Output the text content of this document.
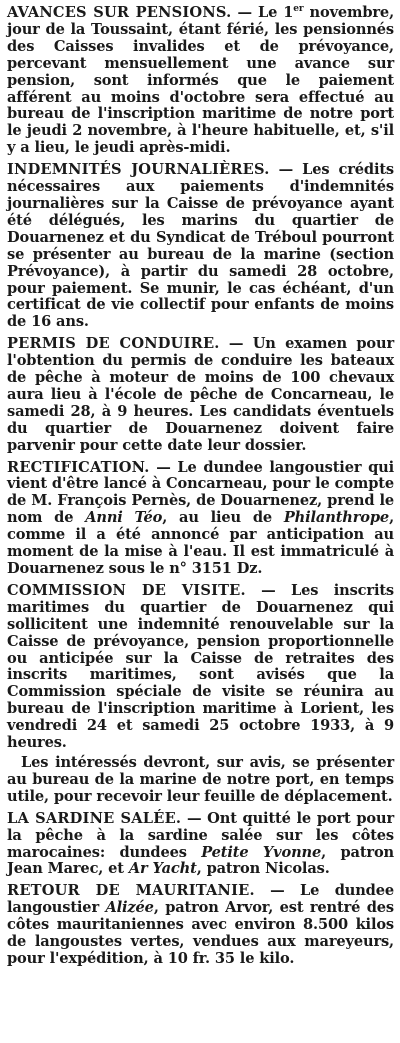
AVANCES SUR PENSIONS. — Le 1er novembre, jour de la Toussaint, étant férié, les pensionnés des Caisses invalides et de prévoyance, percevant mensuellement une avance sur pension, sont informés que le paiement afférent au moins d'octobre sera effectué au bureau de l'inscription maritime de notre port le jeudi 2 novembre, à l'heure habituelle, et, s'il y a lieu, le jeudi après-midi.

INDEMNITÉS JOURNALIÈRES. — Les crédits nécessaires aux paiements d'indemnités journalières sur la Caisse de prévoyance ayant été délégués, les marins du quartier de Douarnenez et du Syndicat de Tréboul pourront se présenter au bureau de la marine (section Prévoyance), à partir du samedi 28 octobre, pour paiement. Se munir, le cas échéant, d'un certificat de vie collectif pour enfants de moins de 16 ans.

PERMIS DE CONDUIRE. — Un examen pour l'obtention du permis de conduire les bateaux de pêche à moteur de moins de 100 chevaux aura lieu à l'école de pêche de Concarneau, le samedi 28, à 9 heures. Les candidats éventuels du quartier de Douarnenez doivent faire parvenir pour cette date leur dossier.

RECTIFICATION. — Le dundee langoustier qui vient d'être lancé à Concarneau, pour le compte de M. François Pernès, de Douarnenez, prend le nom de Anni Téo, au lieu de Philanthrope, comme il a été annoncé par anticipation au moment de la mise à l'eau. Il est immatriculé à Douarnenez sous le n° 3151 Dz.

COMMISSION DE VISITE. — Les inscrits maritimes du quartier de Douarnenez qui sollicitent une indemnité renouvelable sur la Caisse de prévoyance, pension proportionnelle ou anticipée sur la Caisse de retraites des inscrits maritimes, sont avisés que la Commission spéciale de visite se réunira au bureau de l'inscription maritime à Lorient, les vendredi 24 et samedi 25 octobre 1933, à 9 heures.

Les intéressés devront, sur avis, se présenter au bureau de la marine de notre port, en temps utile, pour recevoir leur feuille de déplacement.

LA SARDINE SALÉE. — Ont quitté le port pour la pêche à la sardine salée sur les côtes marocaines: dundees Petite Yvonne, patron Jean Marec, et Ar Yacht, patron Nicolas.

RETOUR DE MAURITANIE. — Le dundee langoustier Alizée, patron Arvor, est rentré des côtes mauritaniennes avec environ 8.500 kilos de langoustes vertes, vendues aux mareyeurs, pour l'expédition, à 10 fr. 35 le kilo.
